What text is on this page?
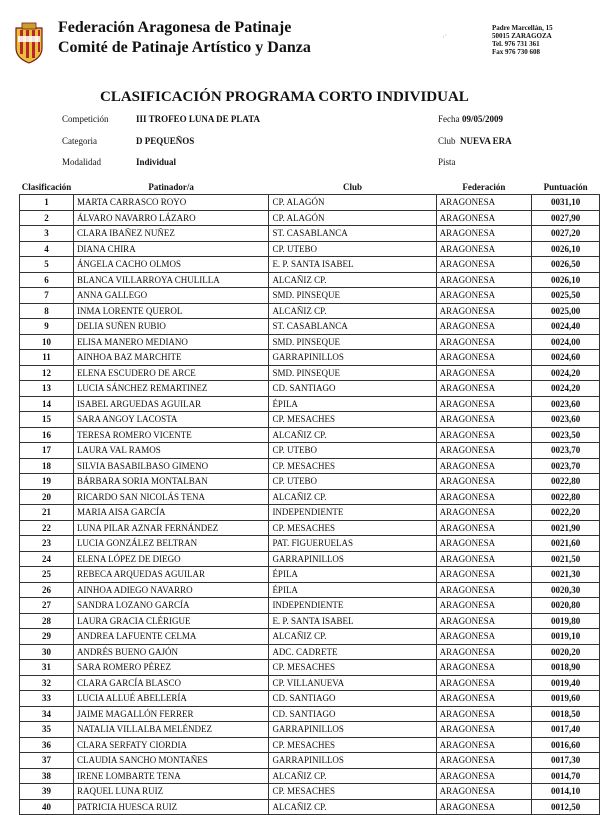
Federación Aragonesa de Patinaje
Comité de Patinaje Artístico y Danza
·˙
Padre Marcellán, 15
50015 ZARAGOZA
Tel. 976 731 361
Fax 976 730 608
CLASIFICACIÓN PROGRAMA CORTO INDIVIDUAL
Competición	III TROFEO LUNA DE PLATA	Fecha 09/05/2009
Categoria	D PEQUEÑOS	Club NUEVA ERA
Modalidad	Individual	Pista
Clasificación	Patinador/a	Club	Federación	Puntuación
1	MARTA CARRASCO ROYO	CP. ALAGÓN	ARAGONESA	0031,10
2	ÁLVARO NAVARRO LÁZARO	CP. ALAGÓN	ARAGONESA	0027,90
3	CLARA IBAÑEZ NUÑEZ	ST. CASABLANCA	ARAGONESA	0027,20
4	DIANA CHIRA	CP. UTEBO	ARAGONESA	0026,10
5	ÁNGELA CACHO OLMOS	E. P. SANTA ISABEL	ARAGONESA	0026,50
6	BLANCA VILLARROYA CHULILLA	ALCAÑIZ CP.	ARAGONESA	0026,10
7	ANNA GALLEGO	SMD. PINSEQUE	ARAGONESA	0025,50
8	INMA LORENTE QUEROL	ALCAÑIZ CP.	ARAGONESA	0025,00
9	DELIA SUÑEN RUBIO	ST. CASABLANCA	ARAGONESA	0024,40
10	ELISA MANERO MEDIANO	SMD. PINSEQUE	ARAGONESA	0024,00
11	AINHOA BAZ MARCHITE	GARRAPINILLOS	ARAGONESA	0024,60
12	ELENA ESCUDERO DE ARCE	SMD. PINSEQUE	ARAGONESA	0024,20
13	LUCIA SÁNCHEZ REMARTINEZ	CD. SANTIAGO	ARAGONESA	0024,20
14	ISABEL ARGUEDAS AGUILAR	ÉPILA	ARAGONESA	0023,60
15	SARA ANGOY LACOSTA	CP. MESACHES	ARAGONESA	0023,60
16	TERESA ROMERO VICENTE	ALCAÑIZ CP.	ARAGONESA	0023,50
17	LAURA VAL RAMOS	CP. UTEBO	ARAGONESA	0023,70
18	SILVIA BASABILBASO GIMENO	CP. MESACHES	ARAGONESA	0023,70
19	BÁRBARA SORIA MONTALBAN	CP. UTEBO	ARAGONESA	0022,80
20	RICARDO SAN NICOLÁS TENA	ALCAÑIZ CP.	ARAGONESA	0022,80
21	MARIA AISA GARCÍA	INDEPENDIENTE	ARAGONESA	0022,20
22	LUNA PILAR AZNAR FERNÁNDEZ	CP. MESACHES	ARAGONESA	0021,90
23	LUCIA GONZÁLEZ BELTRAN	PAT. FIGUERUELAS	ARAGONESA	0021,60
24	ELENA LÓPEZ DE DIEGO	GARRAPINILLOS	ARAGONESA	0021,50
25	REBECA ARQUEDAS AGUILAR	ÉPILA	ARAGONESA	0021,30
26	AINHOA ADIEGO NAVARRO	ÉPILA	ARAGONESA	0020,30
27	SANDRA LOZANO GARCÍA	INDEPENDIENTE	ARAGONESA	0020,80
28	LAURA GRACIA CLÉRIGUE	E. P. SANTA ISABEL	ARAGONESA	0019,80
29	ANDREA LAFUENTE CELMA	ALCAÑIZ CP.	ARAGONESA	0019,10
30	ANDRÉS BUENO GAJÓN	ADC. CADRETE	ARAGONESA	0020,20
31	SARA ROMERO PÉREZ	CP. MESACHES	ARAGONESA	0018,90
32	CLARA GARCÍA BLASCO	CP. VILLANUEVA	ARAGONESA	0019,40
33	LUCIA ALLUÉ ABELLERÍA	CD. SANTIAGO	ARAGONESA	0019,60
34	JAIME MAGALLÓN FERRER	CD. SANTIAGO	ARAGONESA	0018,50
35	NATALIA VILLALBA MELÉNDEZ	GARRAPINILLOS	ARAGONESA	0017,40
36	CLARA SERFATY CIORDIA	CP. MESACHES	ARAGONESA	0016,60
37	CLAUDIA SANCHO MONTAÑES	GARRAPINILLOS	ARAGONESA	0017,30
38	IRENE LOMBARTE TENA	ALCAÑIZ CP.	ARAGONESA	0014,70
39	RAQUEL LUNA RUIZ	CP. MESACHES	ARAGONESA	0014,10
40	PATRICIA HUESCA RUIZ	ALCAÑIZ CP.	ARAGONESA	0012,50
